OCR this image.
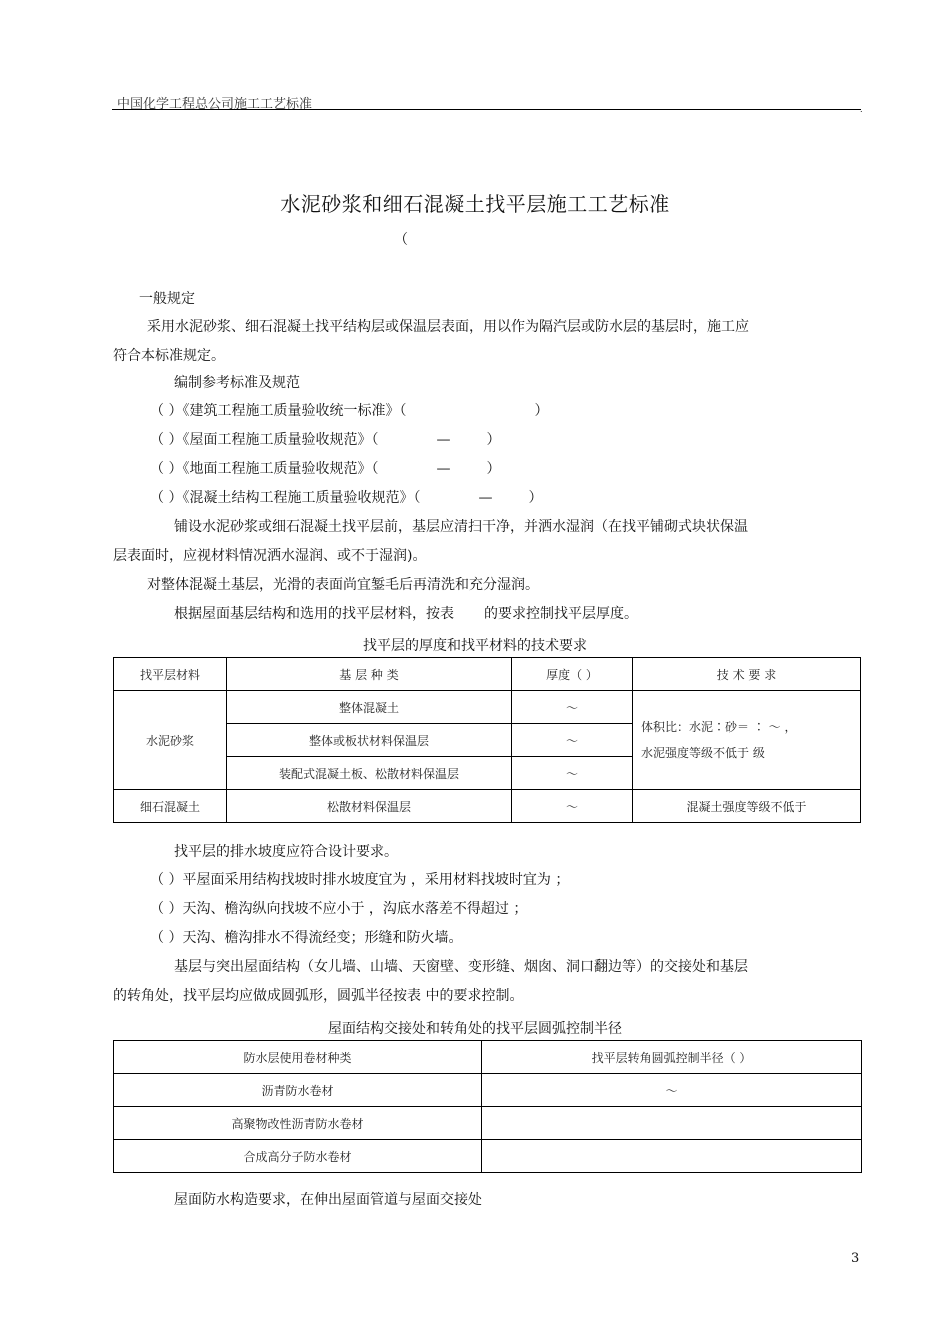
中国化学工程总公司施工工艺标准	.
水泥砂浆和细石混凝土找平层施工工艺标准
（
一般规定
采用水泥砂浆、细石混凝土找平结构层或保温层表面，用以作为隔汽层或防水层的基层时，施工应
符合本标准规定。
编制参考标准及规范
（ ）《建筑工程施工质量验收统一标准》（	）
（ ）《屋面工程施工质量验收规范》（	—	）
（ ）《地面工程施工质量验收规范》（	—	）
（ ）《混凝土结构工程施工质量验收规范》（	—	）
铺设水泥砂浆或细石混凝土找平层前，基层应清扫干净，并洒水湿润（在找平铺砌式块状保温
层表面时，应视材料情况洒水湿润、或不于湿润)。
对整体混凝土基层，光滑的表面尚宜錾毛后再清洗和充分湿润。
根据屋面基层结构和选用的找平层材料，按表 的要求控制找平层厚度。
找平层的厚度和找平材料的技术要求
找平层材料	基 层 种 类	厚度（ ）	技 术 要 求
水泥砂浆	整体混凝土	～	体积比：水泥∶砂＝ ∶ ～ ，
水泥强度等级不低于 级

	整体或板状材料保温层	～	
	装配式混凝土板、松散材料保温层	～	
细石混凝土	松散材料保温层	～	混凝土强度等级不低于
找平层的排水坡度应符合设计要求。
（ ）平屋面采用结构找坡时排水坡度宜为 ，采用材料找坡时宜为 ；
（ ）天沟、檐沟纵向找坡不应小于 ，沟底水落差不得超过 ；
（ ）天沟、檐沟排水不得流经变；形缝和防火墙。
基层与突出屋面结构（女儿墙、山墙、天窗壁、变形缝、烟囱、洞口翻边等）的交接处和基层
的转角处，找平层均应做成圆弧形，圆弧半径按表 中的要求控制。
屋面结构交接处和转角处的找平层圆弧控制半径
防水层使用卷材种类	找平层转角圆弧控制半径（ ）
沥青防水卷材	～
高聚物改性沥青防水卷材	
合成高分子防水卷材	
屋面防水构造要求，在伸出屋面管道与屋面交接处
3
